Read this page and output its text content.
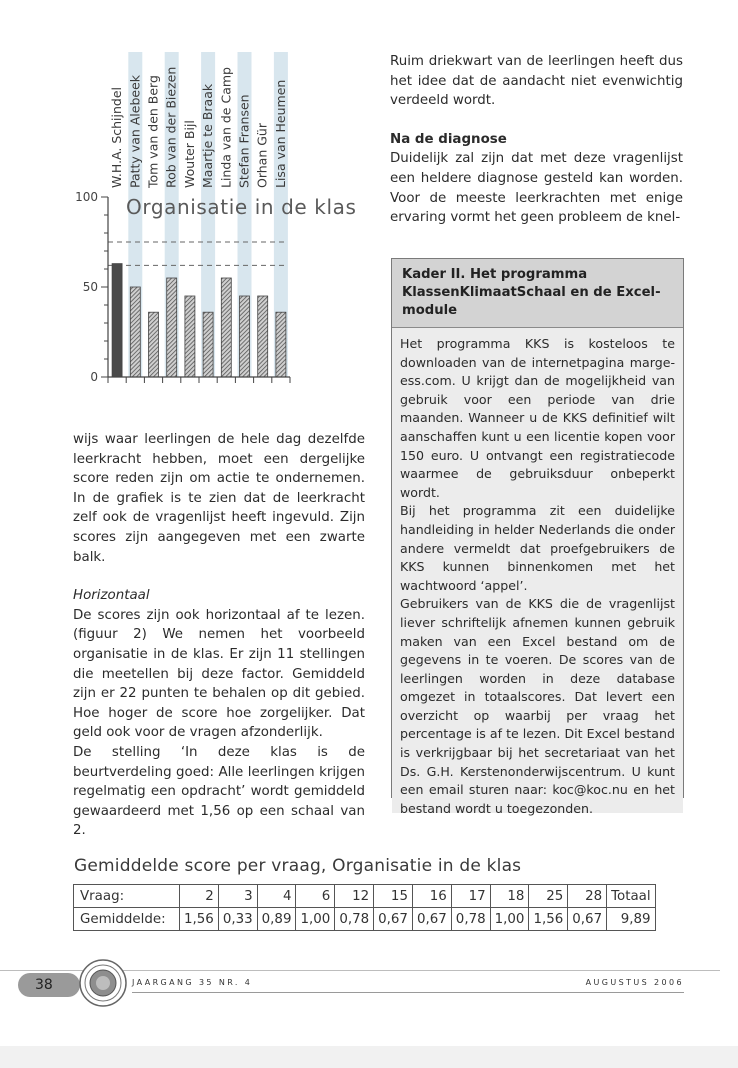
W.H.A. Schijndel Patty van Alebeek Tom van den Berg Rob van der Biezen Wouter Bijl Maartje te Braak Linda van de Camp Stefan Fransen Orhan Gür Lisa van Heumen
Organisatie in de klas
100
50
0

wijs waar leerlingen de hele dag dezelfde leerkracht hebben, moet een dergelijke score reden zijn om actie te ondernemen. In de grafiek is te zien dat de leerkracht zelf ook de vragenlijst heeft ingevuld. Zijn scores zijn aangegeven met een zwarte balk.

Horizontaal

De scores zijn ook horizontaal af te lezen. (figuur 2) We nemen het voorbeeld organisatie in de klas. Er zijn 11 stellingen die meetellen bij deze factor. Gemiddeld zijn er 22 punten te behalen op dit gebied. Hoe hoger de score hoe zorgelijker. Dat geld ook voor de vragen afzonderlijk.

De stelling ‘In deze klas is de beurtverdeling goed: Alle leerlingen krijgen regelmatig een opdracht’ wordt gemiddeld gewaardeerd met 1,56 op een schaal van 2.

Ruim driekwart van de leerlingen heeft dus het idee dat de aandacht niet evenwichtig verdeeld wordt.

Na de diagnose

Duidelijk zal zijn dat met deze vragenlijst een heldere diagnose gesteld kan worden. Voor de meeste leerkrachten met enige ervaring vormt het geen probleem de knel-

Kader II. Het programma KlassenKlimaatSchaal en de Excel-module

Het programma KKS is kosteloos te downloaden van de internetpagina marge-ess.com. U krijgt dan de mogelijkheid van gebruik voor een periode van drie maanden. Wanneer u de KKS definitief wilt aanschaffen kunt u een licentie kopen voor 150 euro. U ontvangt een registratiecode waarmee de gebruiksduur onbeperkt wordt.

Bij het programma zit een duidelijke handleiding in helder Nederlands die onder andere vermeldt dat proefgebruikers de KKS kunnen binnenkomen met het wachtwoord ‘appel’.

Gebruikers van de KKS die de vragenlijst liever schriftelijk afnemen kunnen gebruik maken van een Excel bestand om de gegevens in te voeren. De scores van de leerlingen worden in deze database omgezet in totaalscores. Dat levert een overzicht op waarbij per vraag het percentage is af te lezen. Dit Excel bestand is verkrijgbaar bij het secretariaat van het Ds. G.H. Kerstenonderwijscentrum. U kunt een email sturen naar: koc@koc.nu en het bestand wordt u toegezonden.

Gemiddelde score per vraag, Organisatie in de klas
Vraag:	2	3	4	6	12	15	16	17	18	25	28	Totaal
Gemiddelde:	1,56	0,33	0,89	1,00	0,78	0,67	0,67	0,78	1,00	1,56	0,67	9,89
38	JAARGANG 35 NR. 4	AUGUSTUS 2006
